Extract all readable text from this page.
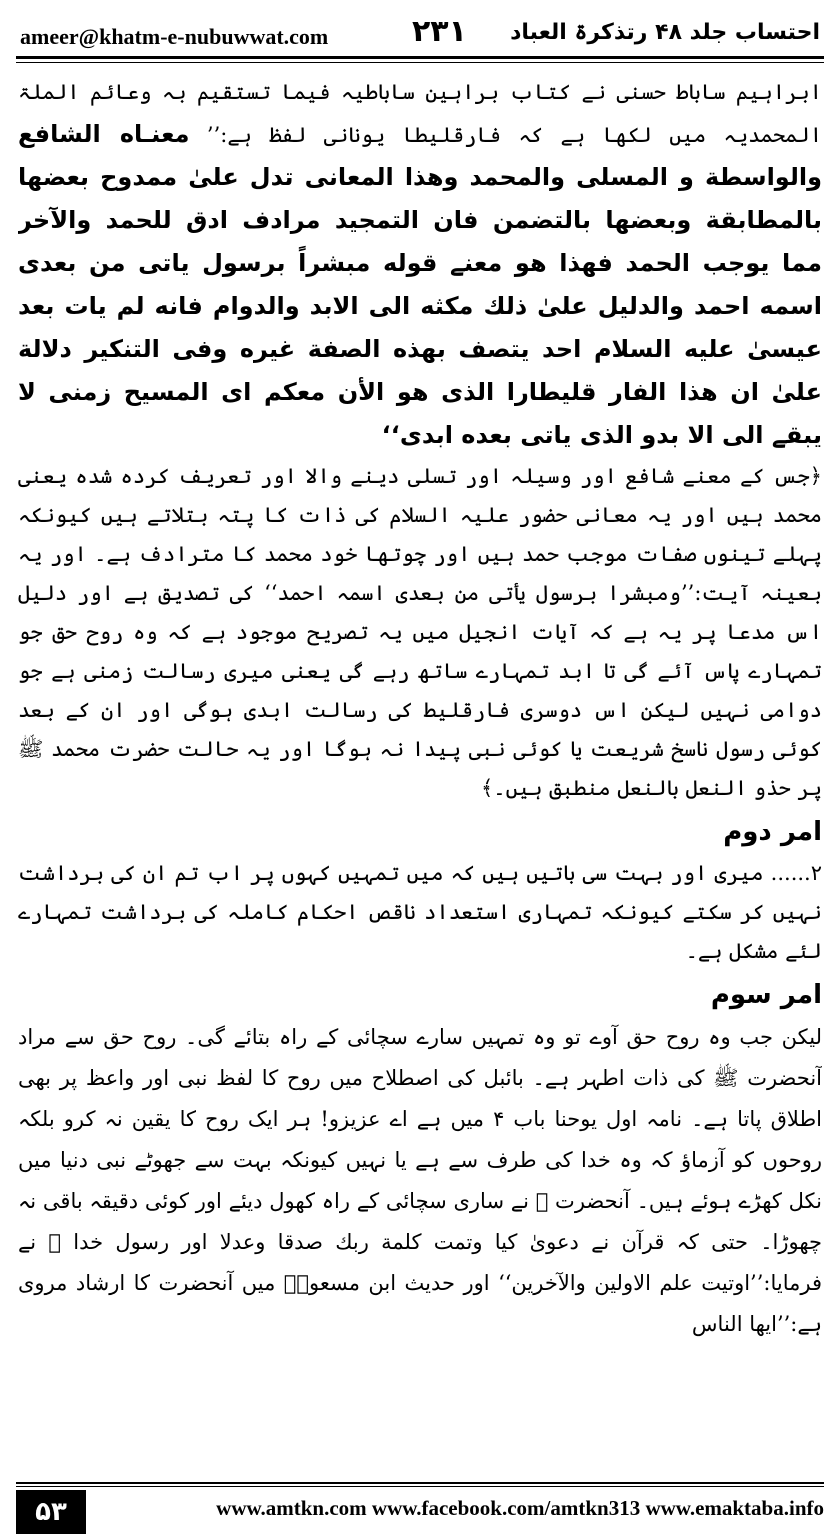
ameer@khatm-e-nubuwwat.com	۲۳۱ احتساب جلد ۴۸ رتذکرۃ العباد

ابراہیم ساباط حسنی نے کتاب براہین ساباطیہ فیما تستقیم بہ وعائم الملۃ المحمدیہ میں لکھا ہے کہ فارقلیطا یونانی لفظ ہے:’’ معنـاه الشافع والواسطة و المسلى والمحمد وهذا المعانى تدل علىٰ ممدوح بعضها بالمطابقة وبعضها بالتضمن فان التمجيد مرادف ادق للحمد والآخر مما يوجب الحمد فهذا هو معنے قوله مبشراً برسول ياتى من بعدى اسمه احمد والدليل علىٰ ذلك مكثه الى الابد والدوام فانه لم يات بعد عيسىٰ عليه السلام احد يتصف بهذه الصفة غيره وفى التنكير دلالة علىٰ ان هذا الفار قليطارا الذى هو الأن معكم اى المسيح زمنى لا يبقے الى الا بدو الذى ياتى بعده ابدى‘‘

﴿جس کے معنے شافع اور وسیلہ اور تسلی دینے والا اور تعریف کردہ شدہ یعنی محمد ہیں اور یہ معانی حضور علیہ السلام کی ذات کا پتہ بتلاتے ہیں کیونکہ پہلے تینوں صفات موجب حمد ہیں اور چوتھا خود محمد کا مترادف ہے۔ اور یہ بعینہ آیت:’’ومبشرا برسول یأتی من بعدی اسمہ احمد‘‘ کی تصدیق ہے اور دلیل اس مدعا پر یہ ہے کہ آیات انجیل میں یہ تصریح موجود ہے کہ وہ روح حق جو تمہارے پاس آئے گی تا ابد تمہارے ساتھ رہے گی یعنی میری رسالت زمنی ہے جو دوامی نہیں لیکن اس دوسری فارقلیط کی رسالت ابدی ہوگی اور ان کے بعد کوئی رسول ناسخ شریعت یا کوئی نبی پیدا نہ ہوگا اور یہ حالت حضرت محمد ﷺ پر حذو النعل بالنعل منطبق ہیں۔﴾

امر دوم

۲...... میری اور بہت سی باتیں ہیں کہ میں تمہیں کہوں پر اب تم ان کی برداشت نہیں کر سکتے کیونکہ تمہاری استعداد ناقص احکام کاملہ کی برداشت تمہارے لئے مشکل ہے۔

امر سوم

لیکن جب وہ روح حق آوے تو وہ تمہیں سارے سچائی کے راہ بتائے گی۔ روح حق سے مراد آنحضرت ﷺ کی ذات اطہر ہے۔ بائبل کی اصطلاح میں روح کا لفظ نبی اور واعظ پر بھی اطلاق پاتا ہے۔ نامہ اول یوحنا باب ۴ میں ہے اے عزیزو! ہر ایک روح کا یقین نہ کرو بلکہ روحوں کو آزماؤ کہ وہ خدا کی طرف سے ہے یا نہیں کیونکہ بہت سے جھوٹے نبی دنیا میں نکل کھڑے ہوئے ہیں۔ آنحضرت ﷺ نے ساری سچائی کے راہ کھول دیئے اور کوئی دقیقہ باقی نہ چھوڑا۔ حتی کہ قرآن نے دعویٰ کیا وتمت کلمة ربك صدقا وعدلا اور رسول خدا ﷺ نے فرمایا:’’اوتیت علم الاولین والآخرین‘‘ اور حدیث ابن مسعودؓ میں آنحضرت کا ارشاد مروی ہے:’’ایھا الناس

۵۳	www.amtkn.com www.facebook.com/amtkn313 www.emaktaba.info
